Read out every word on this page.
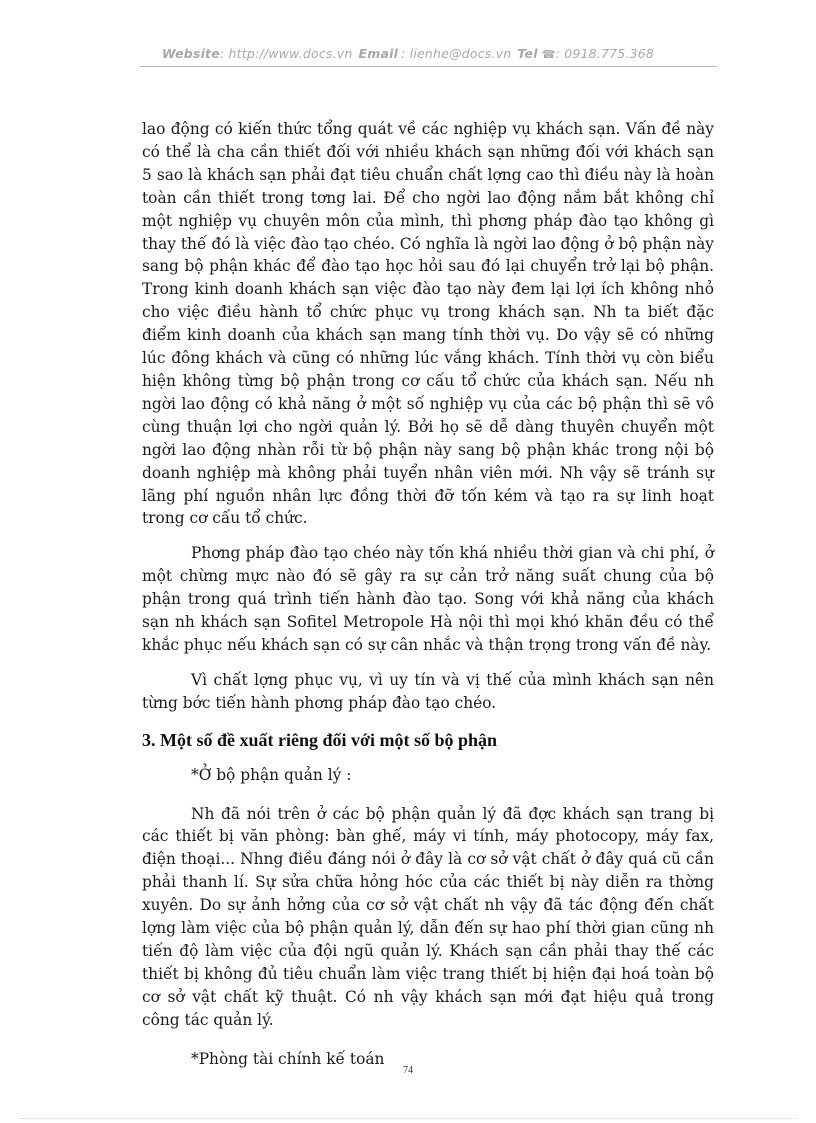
Website: http://www.docs.vn Email : lienhe@docs.vn Tel ☎: 0918.775.368

lao động có kiến thức tổng quát về các nghiệp vụ khách sạn. Vấn đề này có thể là cha cần thiết đối với nhiều khách sạn những đối với khách sạn 5 sao là khách sạn phải đạt tiêu chuẩn chất lợng cao thì điều này là hoàn toàn cần thiết trong tơng lai. Để cho ngời lao động nắm bắt không chỉ một nghiệp vụ chuyên môn của mình, thì phơng pháp đào tạo không gì thay thế đó là việc đào tạo chéo. Có nghĩa là ngời lao động ở bộ phận này sang bộ phận khác để đào tạo học hỏi sau đó lại chuyển trở lại bộ phận. Trong kinh doanh khách sạn việc đào tạo này đem lại lợi ích không nhỏ cho việc điều hành tổ chức phục vụ trong khách sạn. Nh ta biết đặc điểm kinh doanh của khách sạn mang tính thời vụ. Do vậy sẽ có những lúc đông khách và cũng có những lúc vắng khách. Tính thời vụ còn biểu hiện không từng bộ phận trong cơ cấu tổ chức của khách sạn. Nếu nh ngời lao động có khả năng ở một số nghiệp vụ của các bộ phận thì sẽ vô cùng thuận lợi cho ngời quản lý. Bởi họ sẽ dễ dàng thuyên chuyển một ngời lao động nhàn rỗi từ bộ phận này sang bộ phận khác trong nội bộ doanh nghiệp mà không phải tuyển nhân viên mới. Nh vậy sẽ tránh sự lãng phí nguồn nhân lực đồng thời đỡ tốn kém và tạo ra sự linh hoạt trong cơ cấu tổ chức.

Phơng pháp đào tạo chéo này tốn khá nhiều thời gian và chi phí, ở một chừng mực nào đó sẽ gây ra sự cản trở năng suất chung của bộ phận trong quá trình tiến hành đào tạo. Song với khả năng của khách sạn nh khách sạn Sofitel Metropole Hà nội thì mọi khó khăn đều có thể khắc phục nếu khách sạn có sự cân nhắc và thận trọng trong vấn đề này.

Vì chất lợng phục vụ, vì uy tín và vị thế của mình khách sạn nên từng bớc tiến hành phơng pháp đào tạo chéo.

3. Một số đề xuất riêng đối với một số bộ phận

*Ở bộ phận quản lý :

Nh đã nói trên ở các bộ phận quản lý đã đợc khách sạn trang bị các thiết bị văn phòng: bàn ghế, máy vi tính, máy photocopy, máy fax, điện thoại... Nhng điều đáng nói ở đây là cơ sở vật chất ở đây quá cũ cần phải thanh lí. Sự sửa chữa hỏng hóc của các thiết bị này diễn ra thờng xuyên. Do sự ảnh hởng của cơ sở vật chất nh vậy đã tác động đến chất lợng làm việc của bộ phận quản lý, dẫn đến sự hao phí thời gian cũng nh tiến độ làm việc của đội ngũ quản lý. Khách sạn cần phải thay thế các thiết bị không đủ tiêu chuẩn làm việc trang thiết bị hiện đại hoá toàn bộ cơ sở vật chất kỹ thuật. Có nh vậy khách sạn mới đạt hiệu quả trong công tác quản lý.

*Phòng tài chính kế toán

74
